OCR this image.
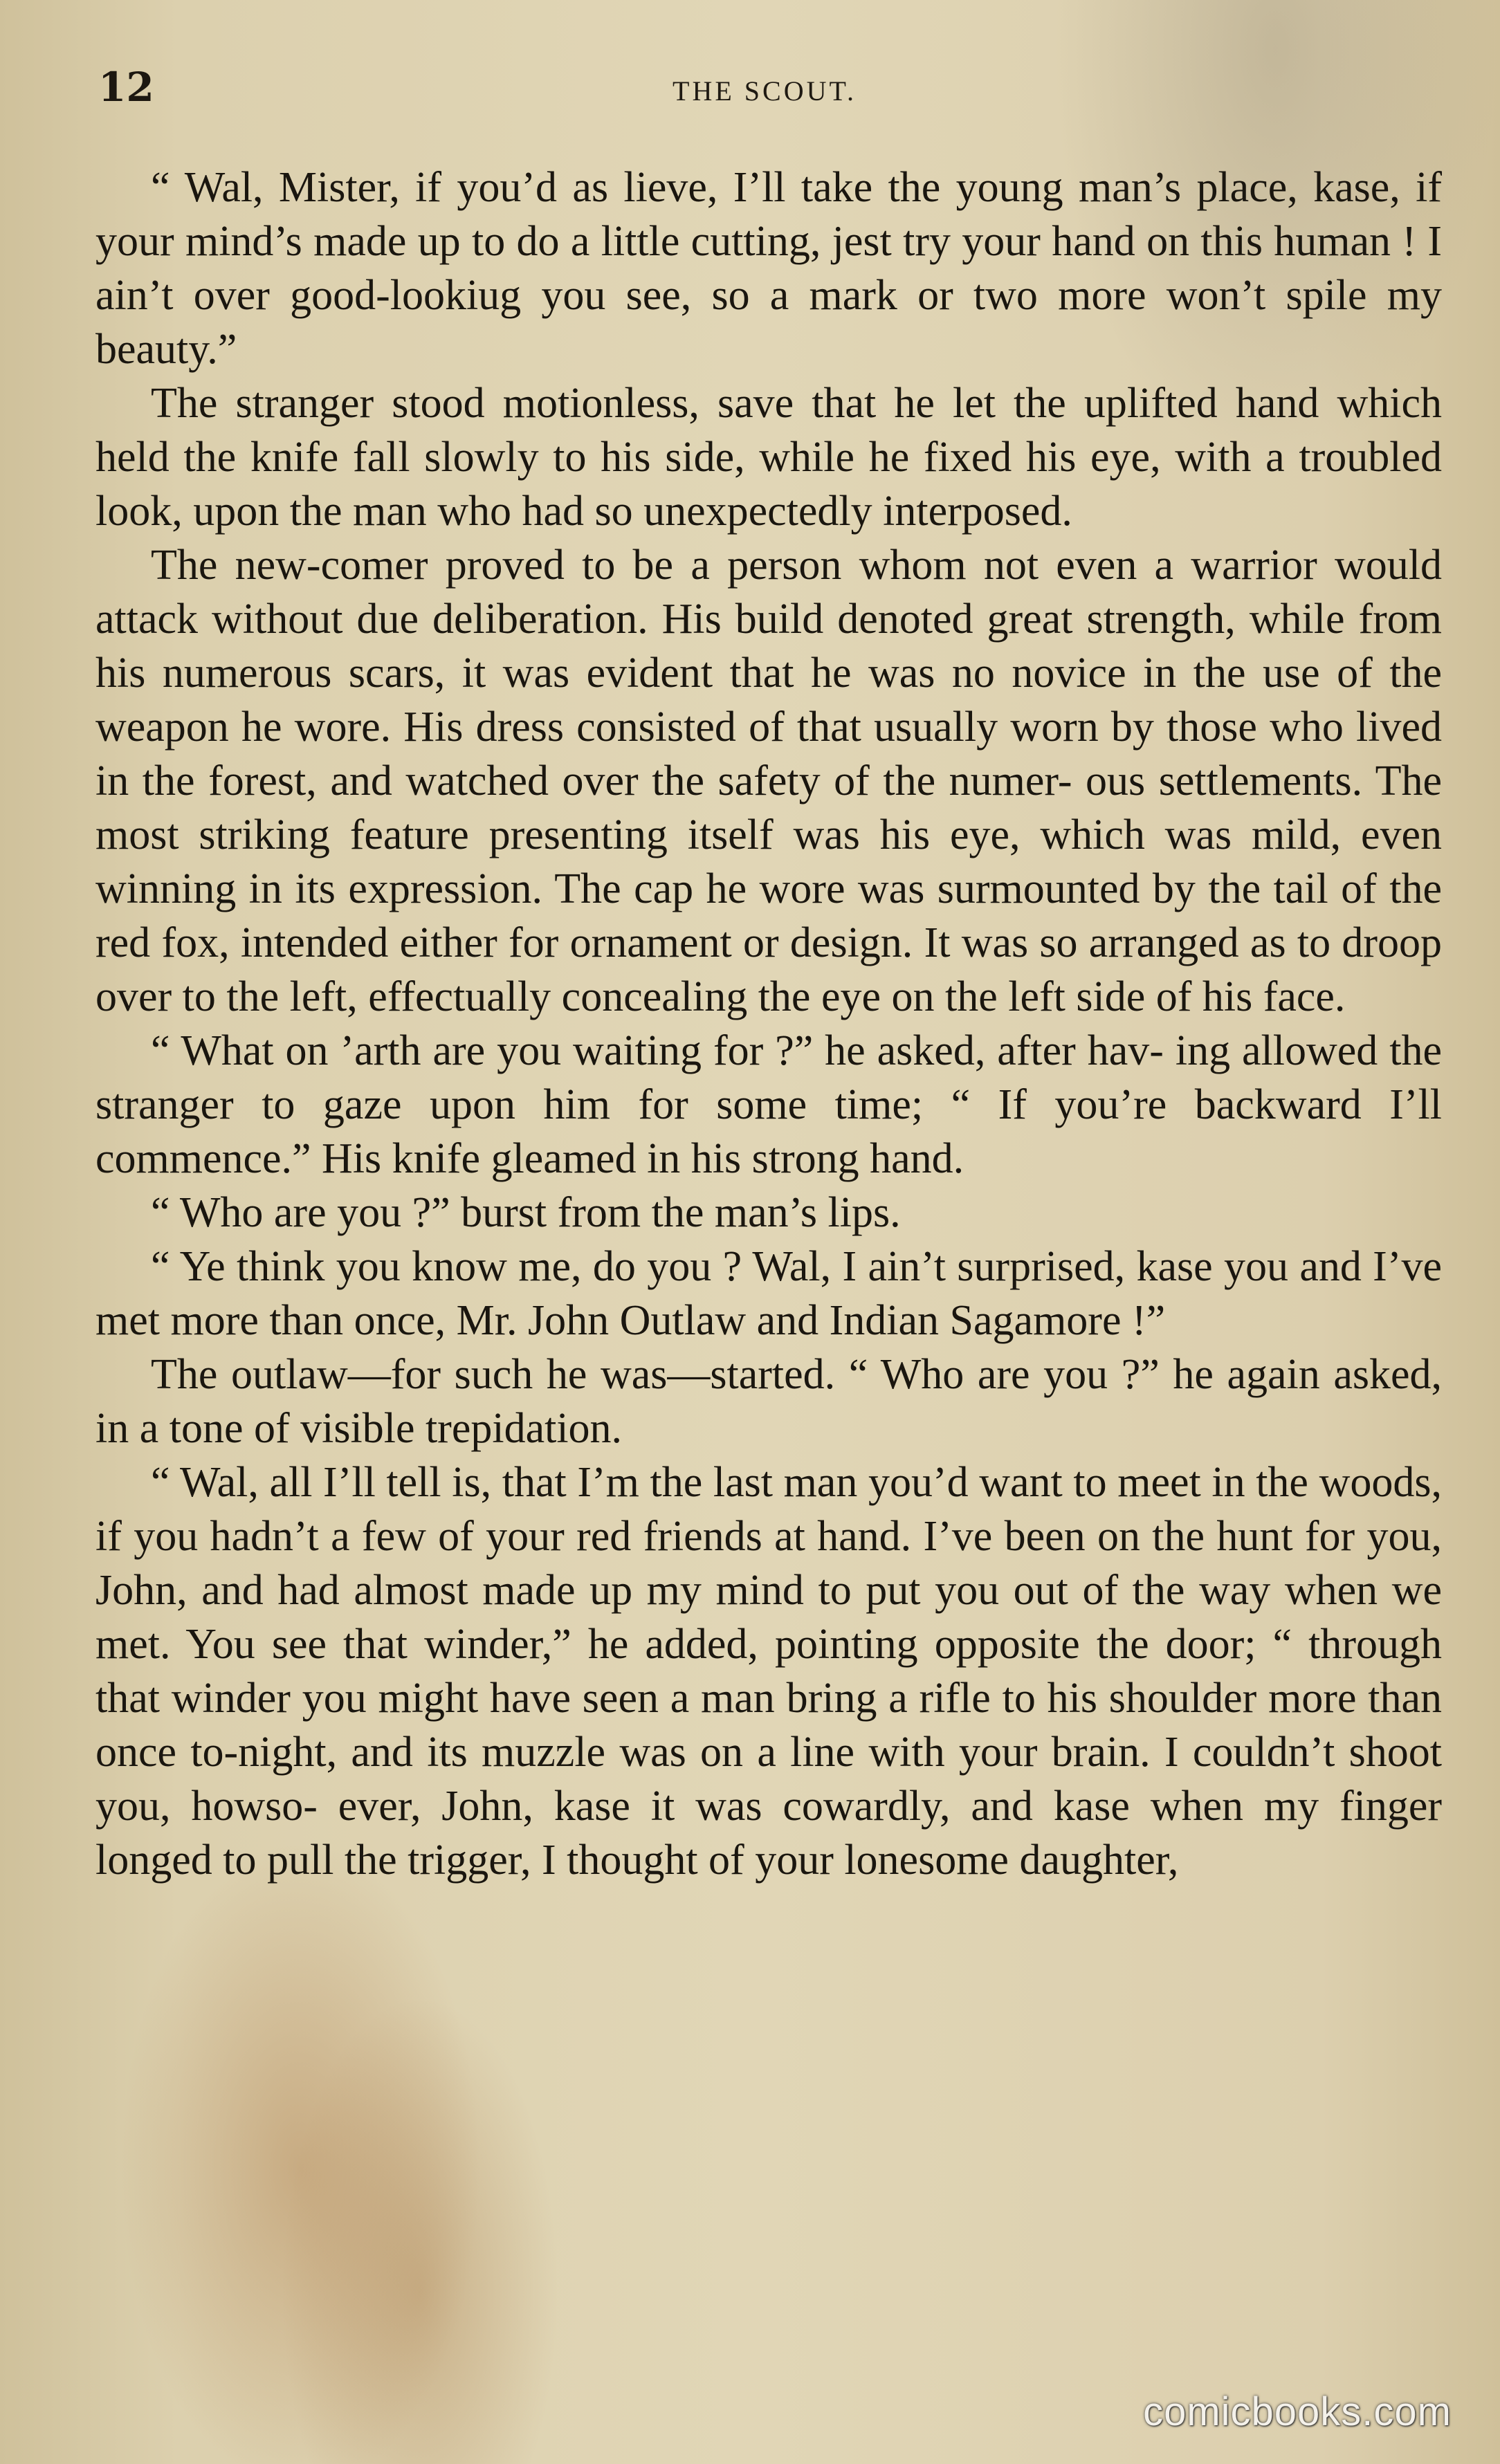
12	THE SCOUT.

“ Wal, Mister, if you’d as lieve, I’ll take the young man’s place, kase, if your mind’s made up to do a little cutting, jest try your hand on this human ! I ain’t over good-lookiug you see, so a mark or two more won’t spile my beauty.”

The stranger stood motionless, save that he let the uplifted hand which held the knife fall slowly to his side, while he fixed his eye, with a troubled look, upon the man who had so unexpectedly interposed.

The new-comer proved to be a person whom not even a warrior would attack without due deliberation. His build denoted great strength, while from his numerous scars, it was evident that he was no novice in the use of the weapon he wore. His dress consisted of that usually worn by those who lived in the forest, and watched over the safety of the numer- ous settlements. The most striking feature presenting itself was his eye, which was mild, even winning in its expression. The cap he wore was surmounted by the tail of the red fox, intended either for ornament or design. It was so arranged as to droop over to the left, effectually concealing the eye on the left side of his face.

“ What on ’arth are you waiting for ?” he asked, after hav- ing allowed the stranger to gaze upon him for some time; “ If you’re backward I’ll commence.” His knife gleamed in his strong hand.

“ Who are you ?” burst from the man’s lips.

“ Ye think you know me, do you ? Wal, I ain’t surprised, kase you and I’ve met more than once, Mr. John Outlaw and Indian Sagamore !”

The outlaw—for such he was—started. “ Who are you ?” he again asked, in a tone of visible trepidation.

“ Wal, all I’ll tell is, that I’m the last man you’d want to meet in the woods, if you hadn’t a few of your red friends at hand. I’ve been on the hunt for you, John, and had almost made up my mind to put you out of the way when we met. You see that winder,” he added, pointing opposite the door; “ through that winder you might have seen a man bring a rifle to his shoulder more than once to-night, and its muzzle was on a line with your brain. I couldn’t shoot you, howso- ever, John, kase it was cowardly, and kase when my finger longed to pull the trigger, I thought of your lonesome daughter,

comicbooks.com
